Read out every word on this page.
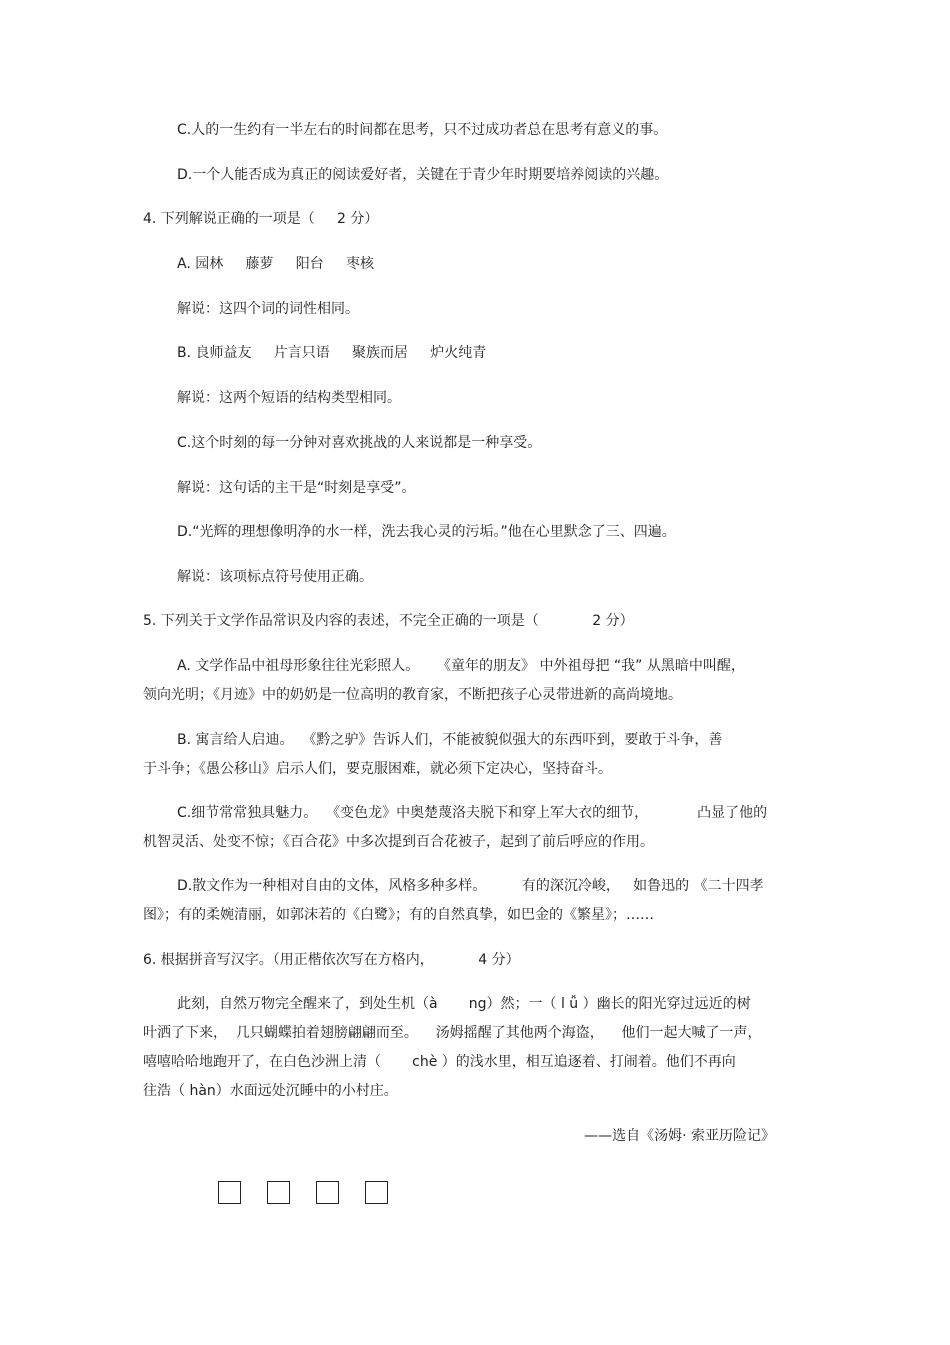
C.人的一生约有一半左右的时间都在思考，只不过成功者总在思考有意义的事。
D.一个人能否成为真正的阅读爱好者，关键在于青少年时期要培养阅读的兴趣。
4. 下列解说正确的一项是（     2 分）
A. 园林     藤萝     阳台     枣核
解说：这四个词的词性相同。
B. 良师益友     片言只语     聚族而居     炉火纯青
解说：这两个短语的结构类型相同。
C.这个时刻的每一分钟对喜欢挑战的人来说都是一种享受。
解说：这句话的主干是“时刻是享受”。
D.“光辉的理想像明净的水一样，洗去我心灵的污垢。”他在心里默念了三、四遍。
解说：该项标点符号使用正确。
5. 下列关于文学作品常识及内容的表述，不完全正确的一项是（            2 分）
A. 文学作品中祖母形象往往光彩照人。    《童年的朋友》 中外祖母把 “我” 从黑暗中叫醒，
领向光明；《月迹》中的奶奶是一位高明的教育家，不断把孩子心灵带进新的高尚境地。
B. 寓言给人启迪。  《黔之驴》告诉人们，不能被貌似强大的东西吓到，要敢于斗争，善
于斗争；《愚公移山》启示人们，要克服困难，就必须下定决心，坚持奋斗。
C.细节常常独具魅力。  《变色龙》中奥楚蔑洛夫脱下和穿上军大衣的细节，           凸显了他的
机智灵活、处变不惊；《百合花》中多次提到百合花被子，起到了前后呼应的作用。
D.散文作为一种相对自由的文体，风格多种多样。        有的深沉冷峻，   如鲁迅的 《二十四孝
图》；有的柔婉清丽，如郭沫若的《白鹭》；有的自然真挚，如巴金的《繁星》；……
6. 根据拼音写汉字。（用正楷依次写在方格内，          4 分）
此刻，自然万物完全醒来了，到处生机（à       ng）然；一（ l ǚ ）幽长的阳光穿过远近的树
叶洒了下来，  几只蝴蝶拍着翅膀翩翩而至。    汤姆摇醒了其他两个海盗，    他们一起大喊了一声，
嘻嘻哈哈地跑开了，在白色沙洲上清（       chè ）的浅水里，相互追逐着、打闹着。他们不再向
往浩（ hàn）水面远处沉睡中的小村庄。
——选自《汤姆· 索亚历险记》
